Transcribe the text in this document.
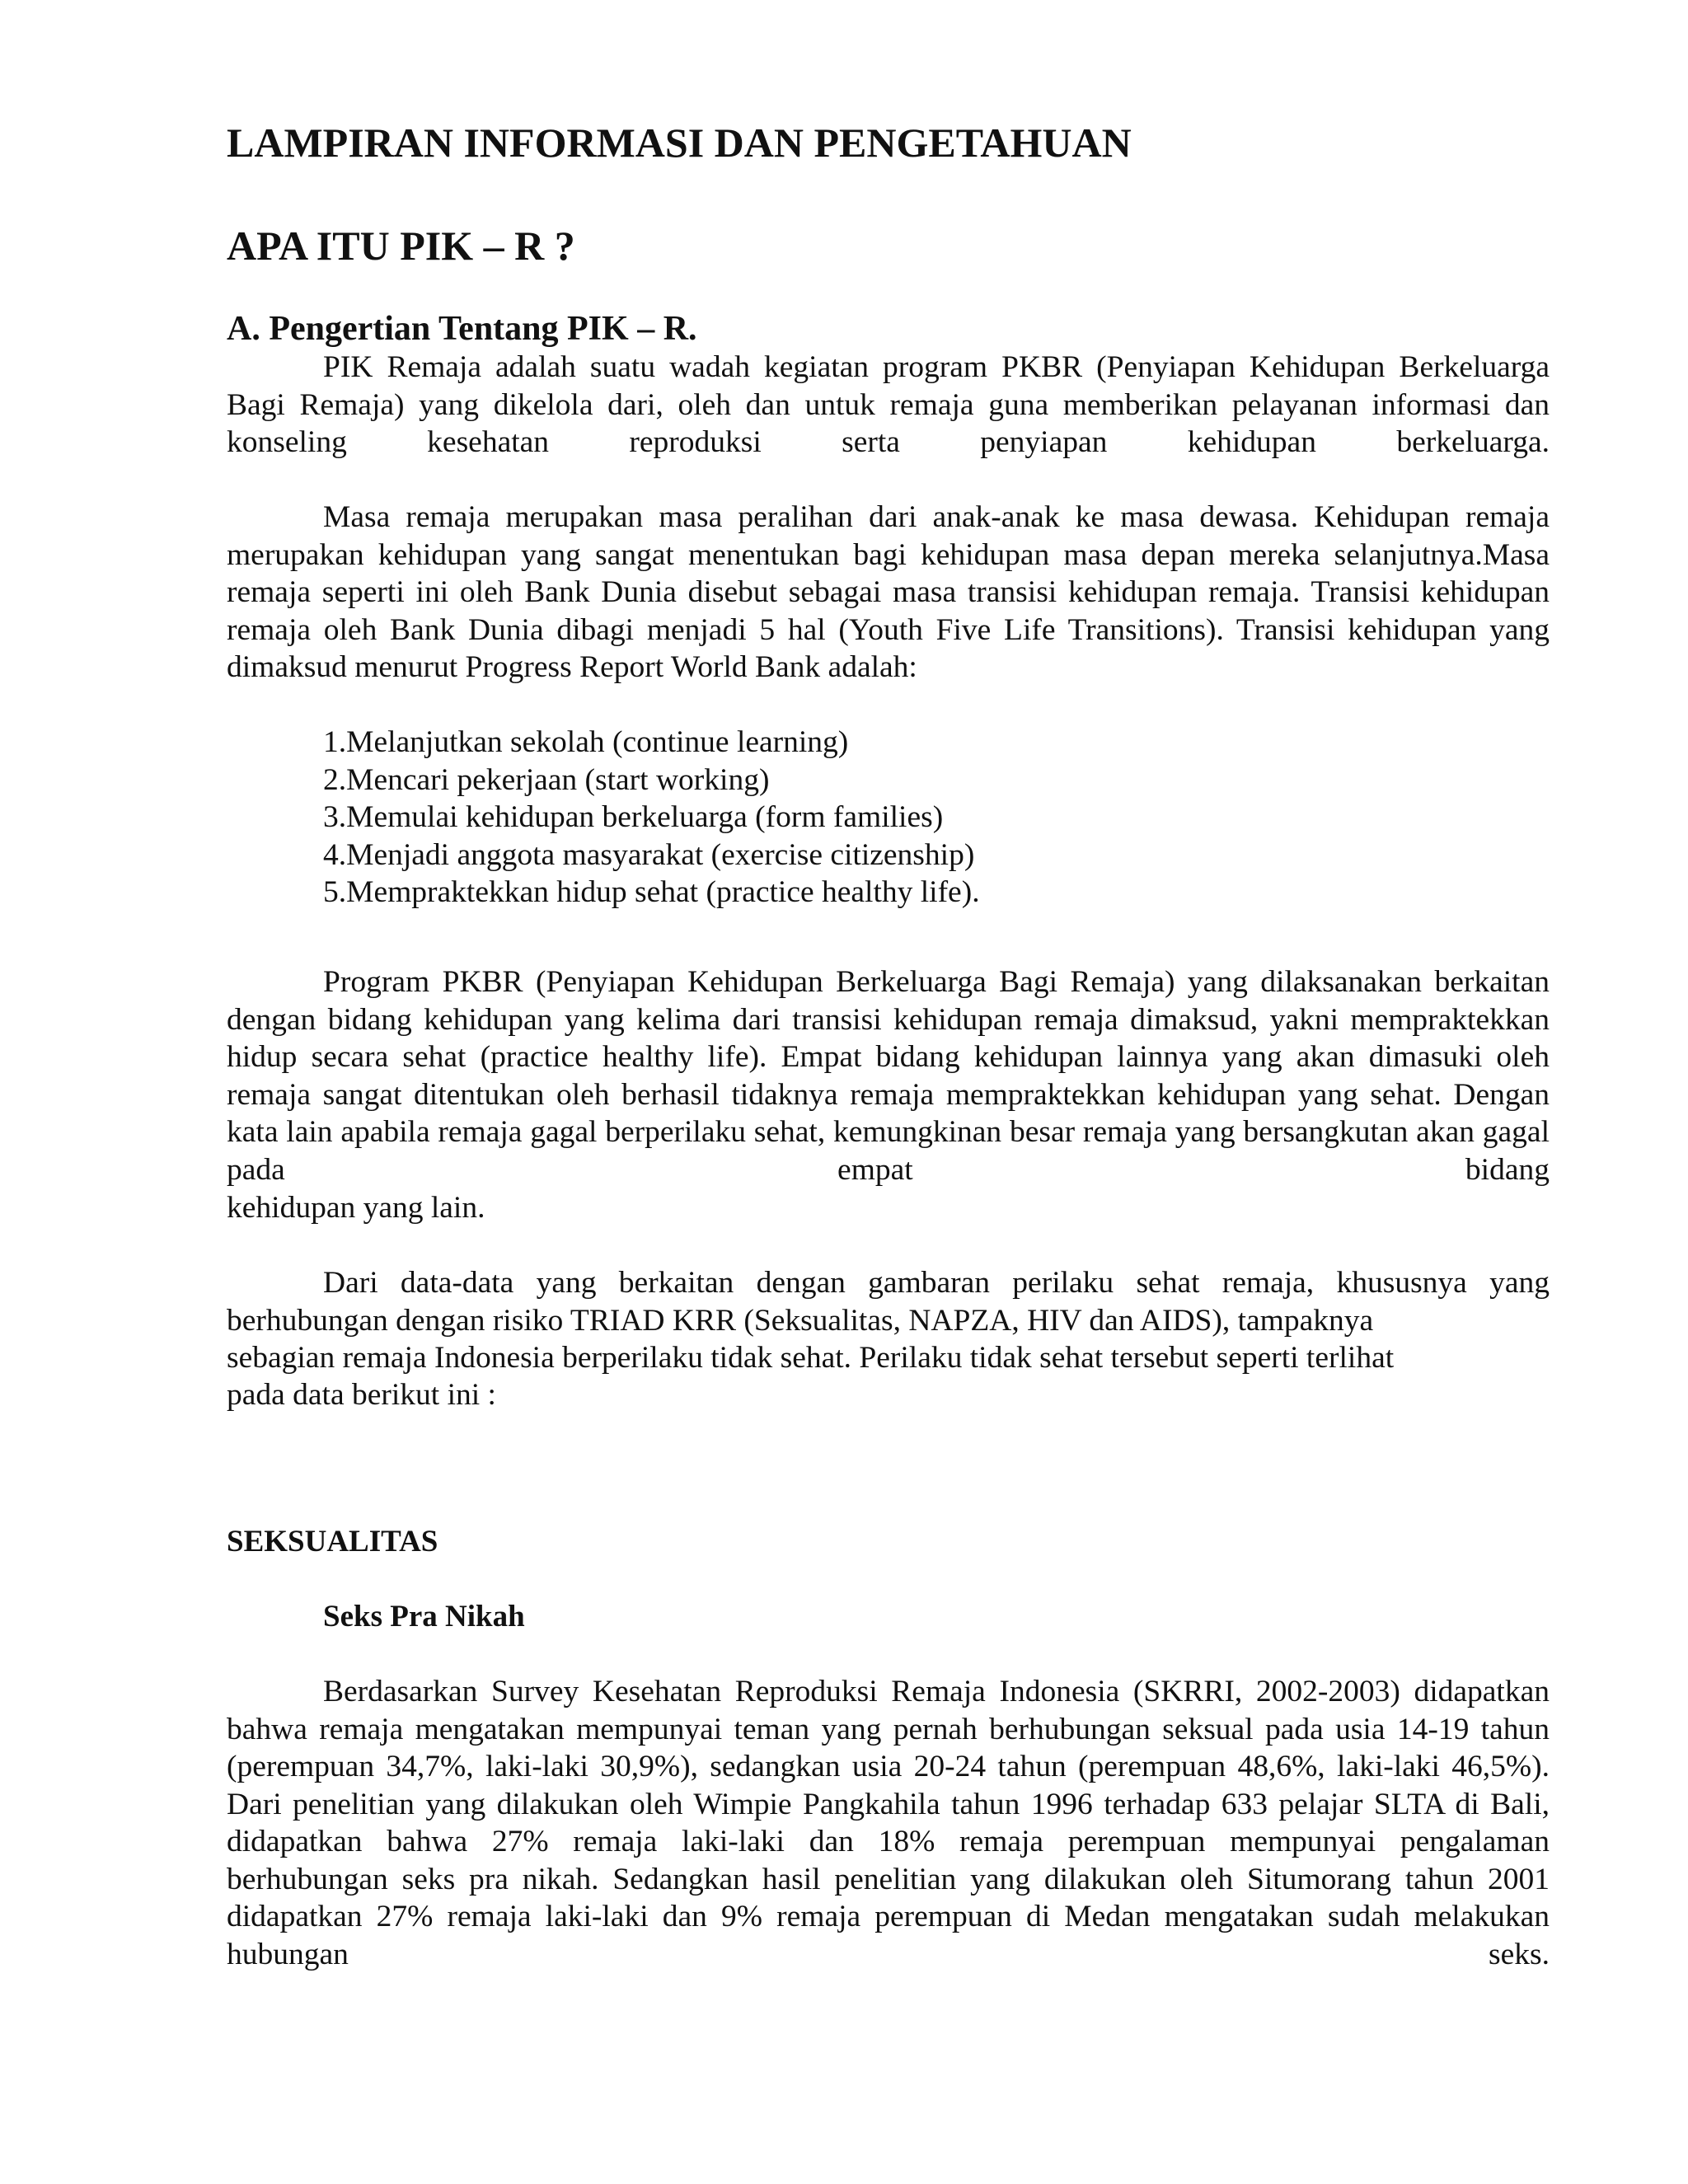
LAMPIRAN INFORMASI DAN PENGETAHUAN
APA ITU PIK – R ?
A. Pengertian Tentang PIK – R.

PIK Remaja adalah suatu wadah kegiatan program PKBR (Penyiapan Kehidupan Berkeluarga Bagi Remaja) yang dikelola dari, oleh dan untuk remaja guna memberikan pelayanan informasi dan konseling kesehatan reproduksi serta penyiapan kehidupan berkeluarga.

Masa remaja merupakan masa peralihan dari anak-anak ke masa dewasa. Kehidupan remaja merupakan kehidupan yang sangat menentukan bagi kehidupan masa depan mereka selanjutnya.Masa remaja seperti ini oleh Bank Dunia disebut sebagai masa transisi kehidupan remaja. Transisi kehidupan remaja oleh Bank Dunia dibagi menjadi 5 hal (Youth Five Life Transitions). Transisi kehidupan yang dimaksud menurut Progress Report World Bank adalah:

1.Melanjutkan sekolah (continue learning)
2.Mencari pekerjaan (start working)
3.Memulai kehidupan berkeluarga (form families)
4.Menjadi anggota masyarakat (exercise citizenship)
5.Mempraktekkan hidup sehat (practice healthy life).

Program PKBR (Penyiapan Kehidupan Berkeluarga Bagi Remaja) yang dilaksanakan berkaitan dengan bidang kehidupan yang kelima dari transisi kehidupan remaja dimaksud, yakni mempraktekkan hidup secara sehat (practice healthy life). Empat bidang kehidupan lainnya yang akan dimasuki oleh remaja sangat ditentukan oleh berhasil tidaknya remaja mempraktekkan kehidupan yang sehat. Dengan kata lain apabila remaja gagal berperilaku sehat, kemungkinan besar remaja yang bersangkutan akan gagal pada empat bidang

kehidupan yang lain.

Dari data-data yang berkaitan dengan gambaran perilaku sehat remaja, khususnya yang berhubungan dengan risiko TRIAD KRR (Seksualitas, NAPZA, HIV dan AIDS), tampaknya

sebagian remaja Indonesia berperilaku tidak sehat. Perilaku tidak sehat tersebut seperti terlihat

pada data berikut ini :

SEKSUALITAS
Seks Pra Nikah

Berdasarkan Survey Kesehatan Reproduksi Remaja Indonesia (SKRRI, 2002-2003) didapatkan bahwa remaja mengatakan mempunyai teman yang pernah berhubungan seksual pada usia 14-19 tahun (perempuan 34,7%, laki-laki 30,9%), sedangkan usia 20-24 tahun (perempuan 48,6%, laki-laki 46,5%). Dari penelitian yang dilakukan oleh Wimpie Pangkahila tahun 1996 terhadap 633 pelajar SLTA di Bali, didapatkan bahwa 27% remaja laki-laki dan 18% remaja perempuan mempunyai pengalaman berhubungan seks pra nikah. Sedangkan hasil penelitian yang dilakukan oleh Situmorang tahun 2001 didapatkan 27% remaja laki-laki dan 9% remaja perempuan di Medan mengatakan sudah melakukan hubungan seks.
